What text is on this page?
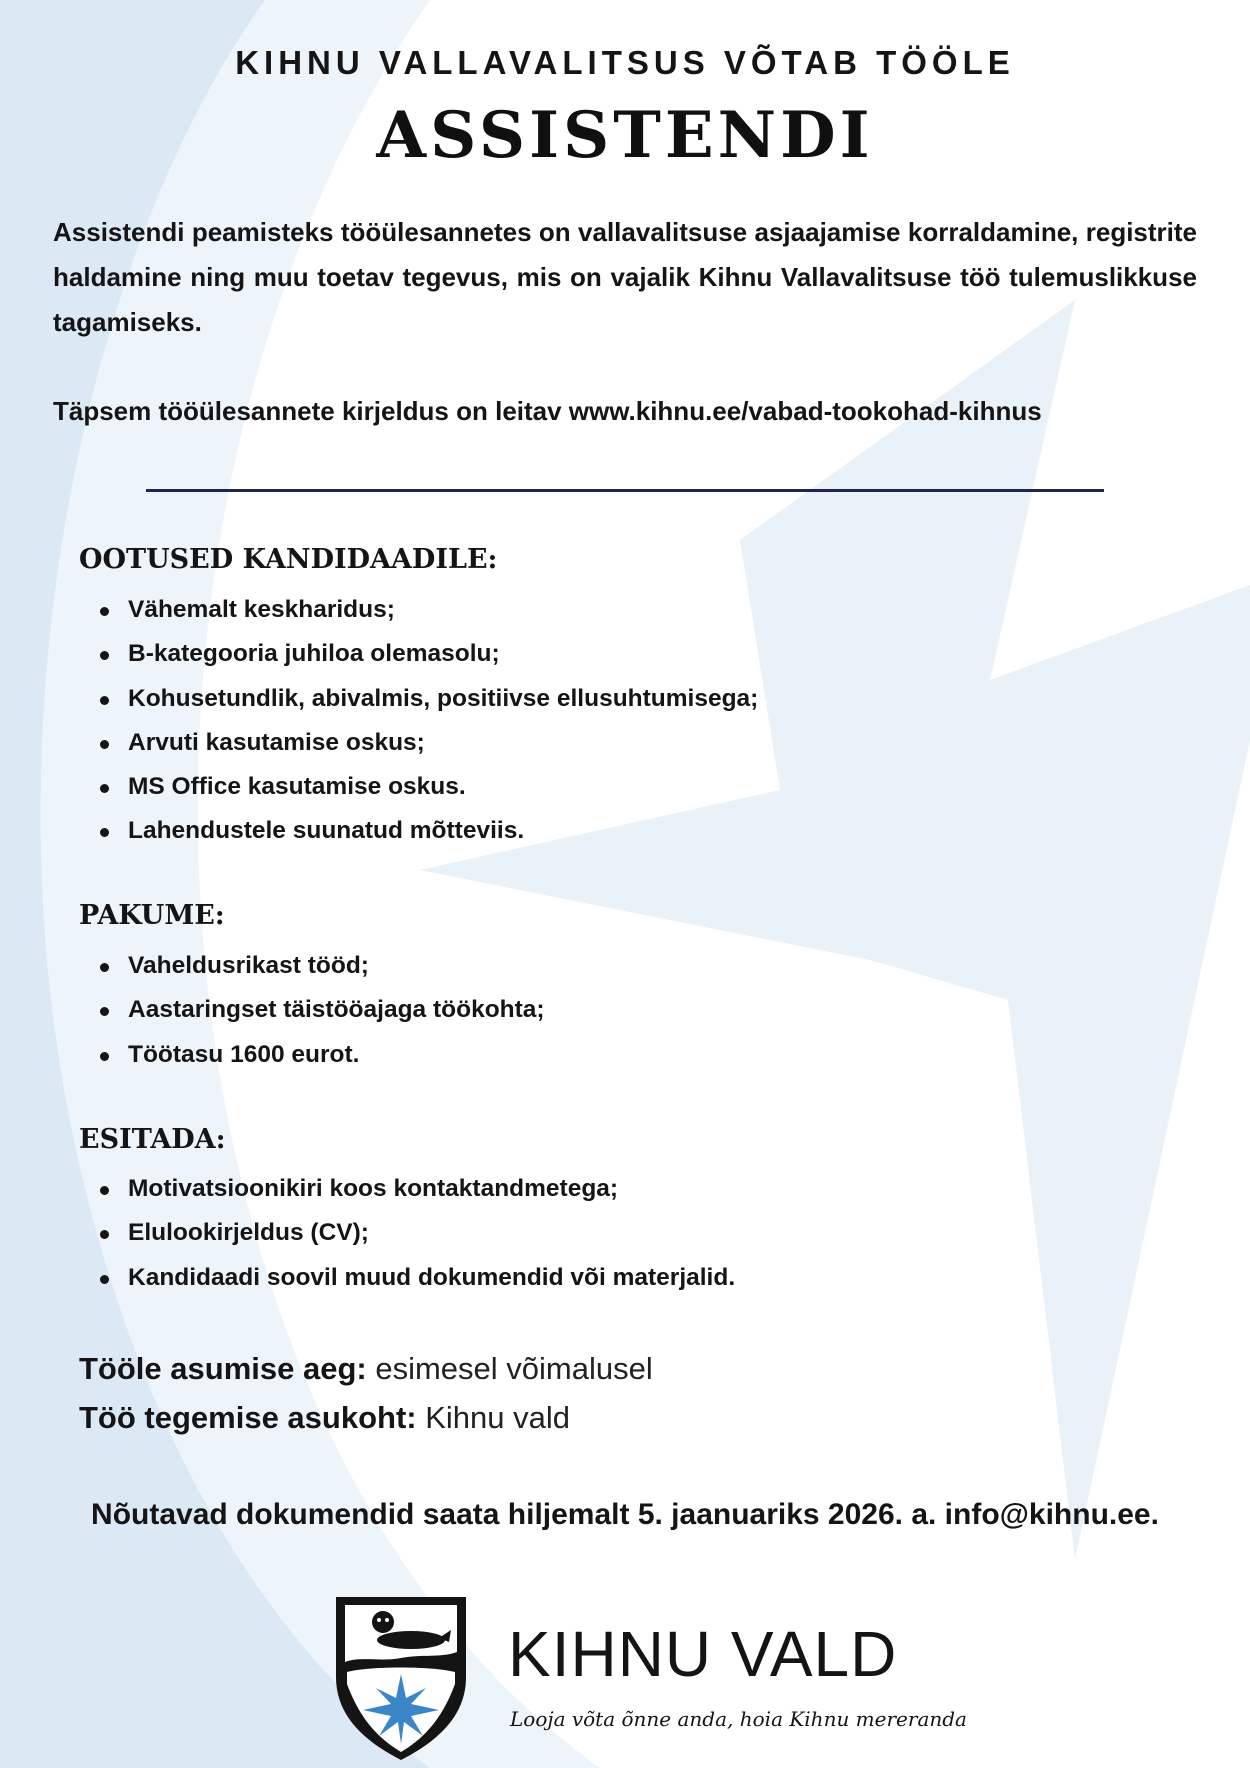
KIHNU VALLAVALITSUS VÕTAB TÖÖLE
ASSISTENDI

Assistendi peamisteks tööülesannetes on vallavalitsuse asjaajamise korraldamine, registrite haldamine ning muu toetav tegevus, mis on vajalik Kihnu Vallavalitsuse töö tulemuslikkuse tagamiseks.

Täpsem tööülesannete kirjeldus on leitav www.kihnu.ee/vabad-tookohad-kihnus

OOTUSED KANDIDAADILE:
Vähemalt keskharidus;
B-kategooria juhiloa olemasolu;
Kohusetundlik, abivalmis, positiivse ellusuhtumisega;
Arvuti kasutamise oskus;
MS Office kasutamise oskus.
Lahendustele suunatud mõtteviis.
PAKUME:
Vaheldusrikast tööd;
Aastaringset täistööajaga töökohta;
Töötasu 1600 eurot.
ESITADA:
Motivatsioonikiri koos kontaktandmetega;
Elulookirjeldus (CV);
Kandidaadi soovil muud dokumendid või materjalid.

Tööle asumise aeg: esimesel võimalusel

Töö tegemise asukoht: Kihnu vald

Nõutavad dokumendid saata hiljemalt 5. jaanuariks 2026. a. info@kihnu.ee.

KIHNU VALD
Looja võta õnne anda, hoia Kihnu mereranda
